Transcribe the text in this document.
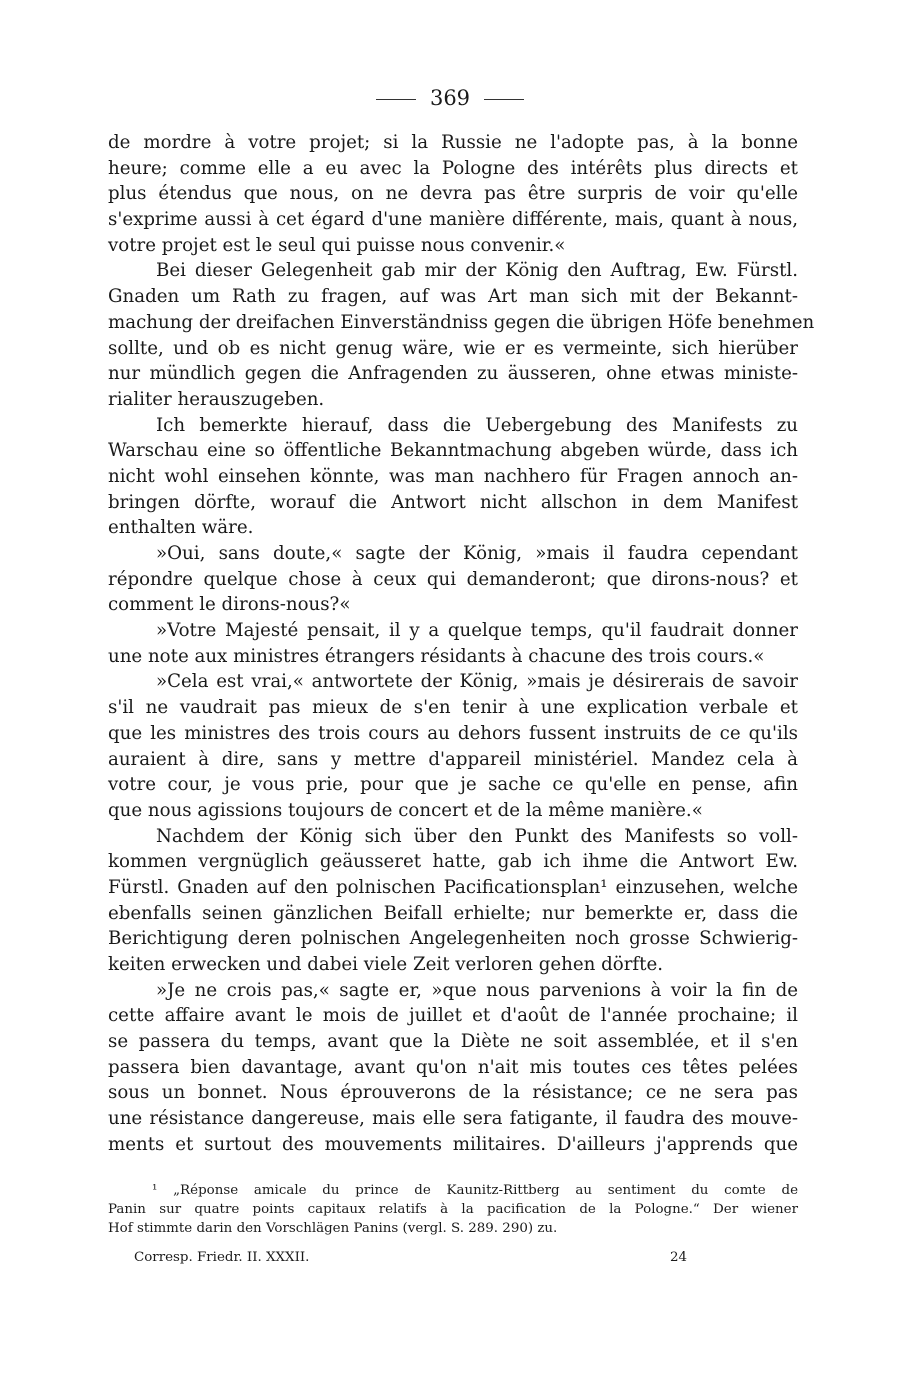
369
de mordre à votre projet; si la Russie ne l'adopte pas, à la bonne
heure; comme elle a eu avec la Pologne des intérêts plus directs et
plus étendus que nous, on ne devra pas être surpris de voir qu'elle
s'exprime aussi à cet égard d'une manière différente, mais, quant à nous,
votre projet est le seul qui puisse nous convenir.«
Bei dieser Gelegenheit gab mir der König den Auftrag, Ew. Fürstl.
Gnaden um Rath zu fragen, auf was Art man sich mit der Bekannt-
machung der dreifachen Einverständniss gegen die übrigen Höfe benehmen
sollte, und ob es nicht genug wäre, wie er es vermeinte, sich hierüber
nur mündlich gegen die Anfragenden zu äusseren, ohne etwas ministe-
rialiter herauszugeben.
Ich bemerkte hierauf, dass die Uebergebung des Manifests zu
Warschau eine so öffentliche Bekanntmachung abgeben würde, dass ich
nicht wohl einsehen könnte, was man nachhero für Fragen annoch an-
bringen dörfte, worauf die Antwort nicht allschon in dem Manifest
enthalten wäre.
»Oui, sans doute,« sagte der König, »mais il faudra cependant
répondre quelque chose à ceux qui demanderont; que dirons-nous? et
comment le dirons-nous?«
»Votre Majesté pensait, il y a quelque temps, qu'il faudrait donner
une note aux ministres étrangers résidants à chacune des trois cours.«
»Cela est vrai,« antwortete der König, »mais je désirerais de savoir
s'il ne vaudrait pas mieux de s'en tenir à une explication verbale et
que les ministres des trois cours au dehors fussent instruits de ce qu'ils
auraient à dire, sans y mettre d'appareil ministériel. Mandez cela à
votre cour, je vous prie, pour que je sache ce qu'elle en pense, afin
que nous agissions toujours de concert et de la même manière.«
Nachdem der König sich über den Punkt des Manifests so voll-
kommen vergnüglich geäusseret hatte, gab ich ihme die Antwort Ew.
Fürstl. Gnaden auf den polnischen Pacificationsplan¹ einzusehen, welche
ebenfalls seinen gänzlichen Beifall erhielte; nur bemerkte er, dass die
Berichtigung deren polnischen Angelegenheiten noch grosse Schwierig-
keiten erwecken und dabei viele Zeit verloren gehen dörfte.
»Je ne crois pas,« sagte er, »que nous parvenions à voir la fin de
cette affaire avant le mois de juillet et d'août de l'année prochaine; il
se passera du temps, avant que la Diète ne soit assemblée, et il s'en
passera bien davantage, avant qu'on n'ait mis toutes ces têtes pelées
sous un bonnet. Nous éprouverons de la résistance; ce ne sera pas
une résistance dangereuse, mais elle sera fatigante, il faudra des mouve-
ments et surtout des mouvements militaires. D'ailleurs j'apprends que
¹ „Réponse amicale du prince de Kaunitz-Rittberg au sentiment du comte de
Panin sur quatre points capitaux relatifs à la pacification de la Pologne.“ Der wiener
Hof stimmte darin den Vorschlägen Panins (vergl. S. 289. 290) zu.
Corresp. Friedr. II. XXXII.	24
